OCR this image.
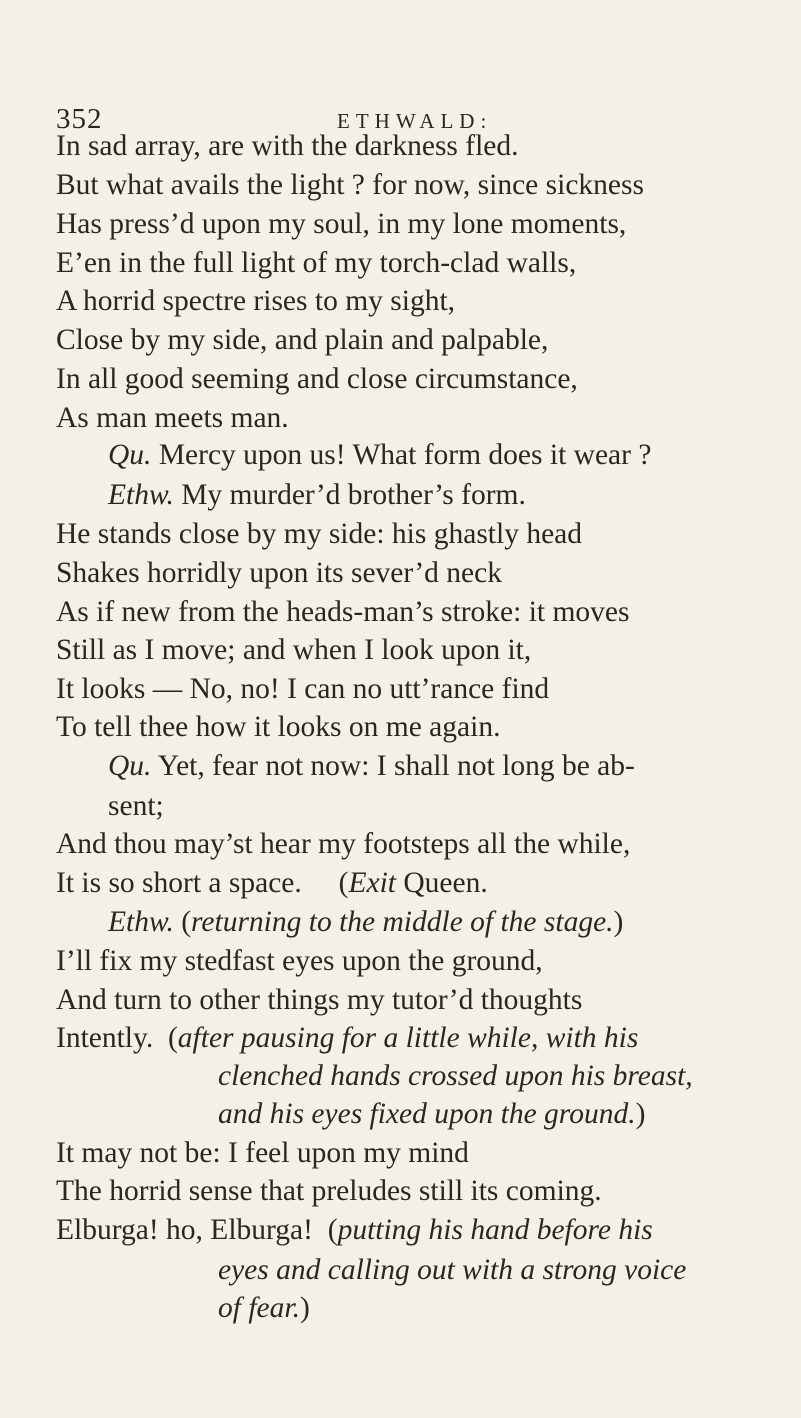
352	ETHWALD:
In sad array, are with the darkness fled.
But what avails the light ? for now, since sickness
Has press’d upon my soul, in my lone moments,
E’en in the full light of my torch-clad walls,
A horrid spectre rises to my sight,
Close by my side, and plain and palpable,
In all good seeming and close circumstance,
As man meets man.
Qu. Mercy upon us! What form does it wear ?
Ethw. My murder’d brother’s form.
He stands close by my side: his ghastly head
Shakes horridly upon its sever’d neck
As if new from the heads-man’s stroke: it moves
Still as I move; and when I look upon it,
It looks — No, no! I can no utt’rance find
To tell thee how it looks on me again.
Qu. Yet, fear not now: I shall not long be ab-
sent;
And thou may’st hear my footsteps all the while,
It is so short a space.     (Exit Queen.
Ethw. (returning to the middle of the stage.)
I’ll fix my stedfast eyes upon the ground,
And turn to other things my tutor’d thoughts
Intently.  (after pausing for a little while, with his
clenched hands crossed upon his breast,
and his eyes fixed upon the ground.)
It may not be: I feel upon my mind
The horrid sense that preludes still its coming.
Elburga! ho, Elburga!  (putting his hand before his
eyes and calling out with a strong voice
of fear.)
